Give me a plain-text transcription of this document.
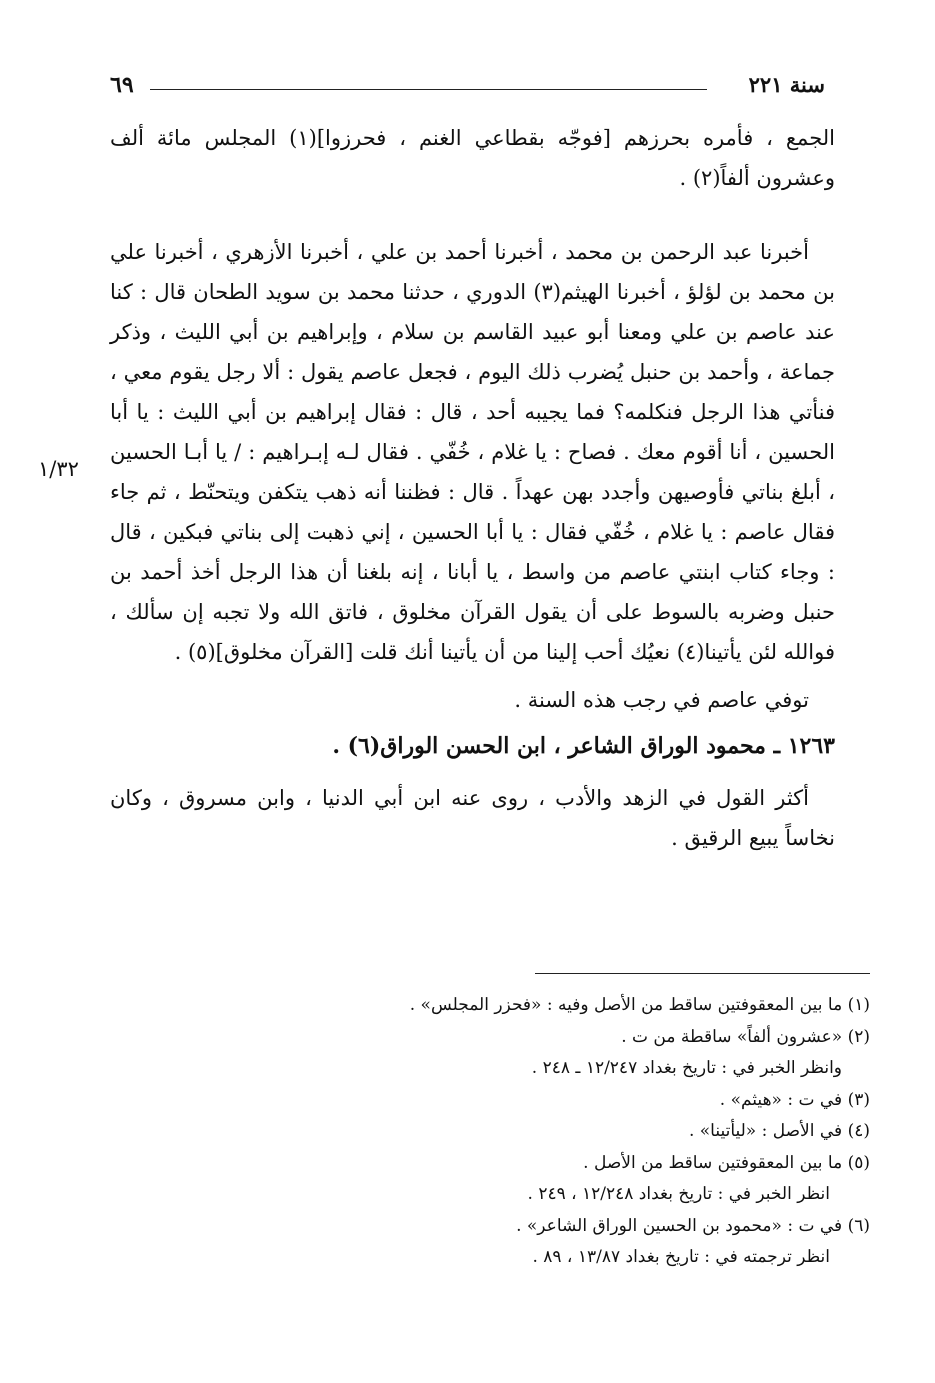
سنة ٢٢١
٦٩
١/٣٢

الجمع ، فأمره بحرزهم [فوجّه بقطاعي الغنم ، فحرزوا](١) المجلس مائة ألف وعشرون ألفاً(٢) .

أخبرنا عبد الرحمن بن محمد ، أخبرنا أحمد بن علي ، أخبرنا الأزهري ، أخبرنا علي بن محمد بن لؤلؤ ، أخبرنا الهيثم(٣) الدوري ، حدثنا محمد بن سويد الطحان قال : كنا عند عاصم بن علي ومعنا أبو عبيد القاسم بن سلام ، وإبراهيم بن أبي الليث ، وذكر جماعة ، وأحمد بن حنبل يُضرب ذلك اليوم ، فجعل عاصم يقول : ألا رجل يقوم معي ، فنأتي هذا الرجل فنكلمه؟ فما يجيبه أحد ، قال : فقال إبراهيم بن أبي الليث : يا أبا الحسين ، أنا أقوم معك . فصاح : يا غلام ، خُفّي . فقال لـه إبـراهيم : / يا أبـا الحسين ، أبلغ بناتي فأوصيهن وأجدد بهن عهداً . قال : فظننا أنه ذهب يتكفن ويتحنّط ، ثم جاء فقال عاصم : يا غلام ، خُفّي فقال : يا أبا الحسين ، إني ذهبت إلى بناتي فبكين ، قال : وجاء كتاب ابنتي عاصم من واسط ، يا أبانا ، إنه بلغنا أن هذا الرجل أخذ أحمد بن حنبل وضربه بالسوط على أن يقول القرآن مخلوق ، فاتق الله ولا تجبه إن سألك ، فوالله لئن يأتينا(٤) نعيُك أحب إلينا من أن يأتينا أنك قلت [القرآن مخلوق](٥) .

توفي عاصم في رجب هذه السنة .

١٢٦٣ ـ محمود الوراق الشاعر ، ابن الحسن الوراق(٦) .

أكثر القول في الزهد والأدب ، روى عنه ابن أبي الدنيا ، وابن مسروق ، وكان نخاساً يبيع الرقيق .

(١) ما بين المعقوفتين ساقط من الأصل وفيه : «فحزر المجلس» .
(٢) «عشرون ألفاً» ساقطة من ت .
وانظر الخبر في : تاريخ بغداد ١٢/٢٤٧ ـ ٢٤٨ .
(٣) في ت : «هيثم» .
(٤) في الأصل : «ليأتينا» .
(٥) ما بين المعقوفتين ساقط من الأصل .
انظر الخبر في : تاريخ بغداد ١٢/٢٤٨ ، ٢٤٩ .
(٦) في ت : «محمود بن الحسين الوراق الشاعر» .
انظر ترجمته في : تاريخ بغداد ١٣/٨٧ ، ٨٩ .
